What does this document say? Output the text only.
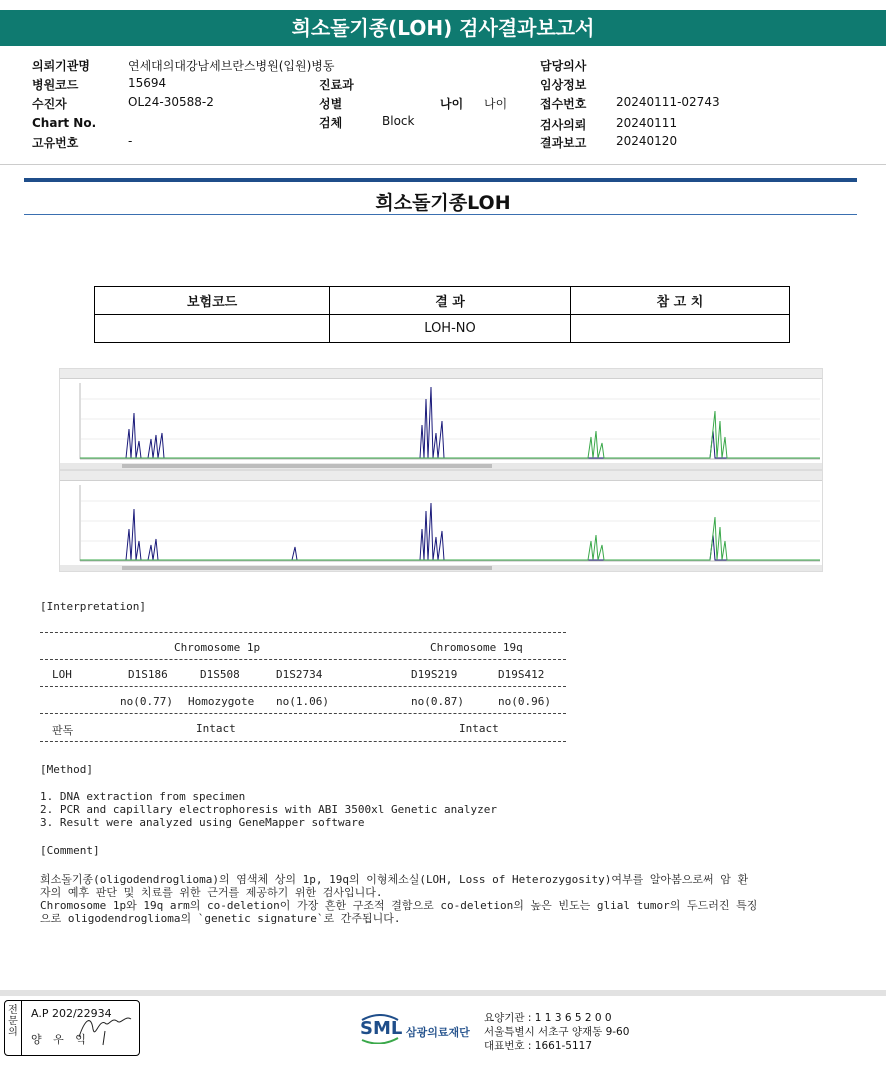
희소돌기종(LOH) 검사결과보고서
의뢰기관명	연세대의대강남세브란스병원(입원)병동
병원코드	15694
수진자	OL24-30588-2
Chart No.
고유번호	-
진료과
성별	나이 나이
검체	Block
담당의사
임상정보
접수번호 20240111-02743
검사의뢰 20240111
결과보고 20240120
희소돌기종LOH
보험코드	결 과	참 고 치
	LOH-NO	
[Interpretation]
Chromosome 1p	Chromosome 19q
LOH	D1S186	D1S508	D1S2734	D19S219	D19S412
no(0.77) Homozygote no(1.06)	no(0.87)	no(0.96)
판독	Intact	Intact
[Method]
1. DNA extraction from specimen
2. PCR and capillary electrophoresis with ABI 3500xl Genetic analyzer
3. Result were analyzed using GeneMapper software
[Comment]
희소돌기종(oligodendroglioma)의 염색체 상의 1p, 19q의 이형체소실(LOH, Loss of Heterozygosity)여부를 알아봄으로써 암 환
자의 예후 판단 및 치료를 위한 근거를 제공하기 위한 검사입니다.
Chromosome 1p와 19q arm의 co-deletion이 가장 흔한 구조적 결함으로 co-deletion의 높은 빈도는 glial tumor의 두드러진 특징
으로 oligodendroglioma의 `genetic signature`로 간주됩니다.
전문의
A.P 202/22934
양 우 익
SML 삼광의료재단
요양기관 : 1 1 3 6 5 2 0 0
서울특별시 서초구 양재동 9-60
대표번호 : 1661-5117
